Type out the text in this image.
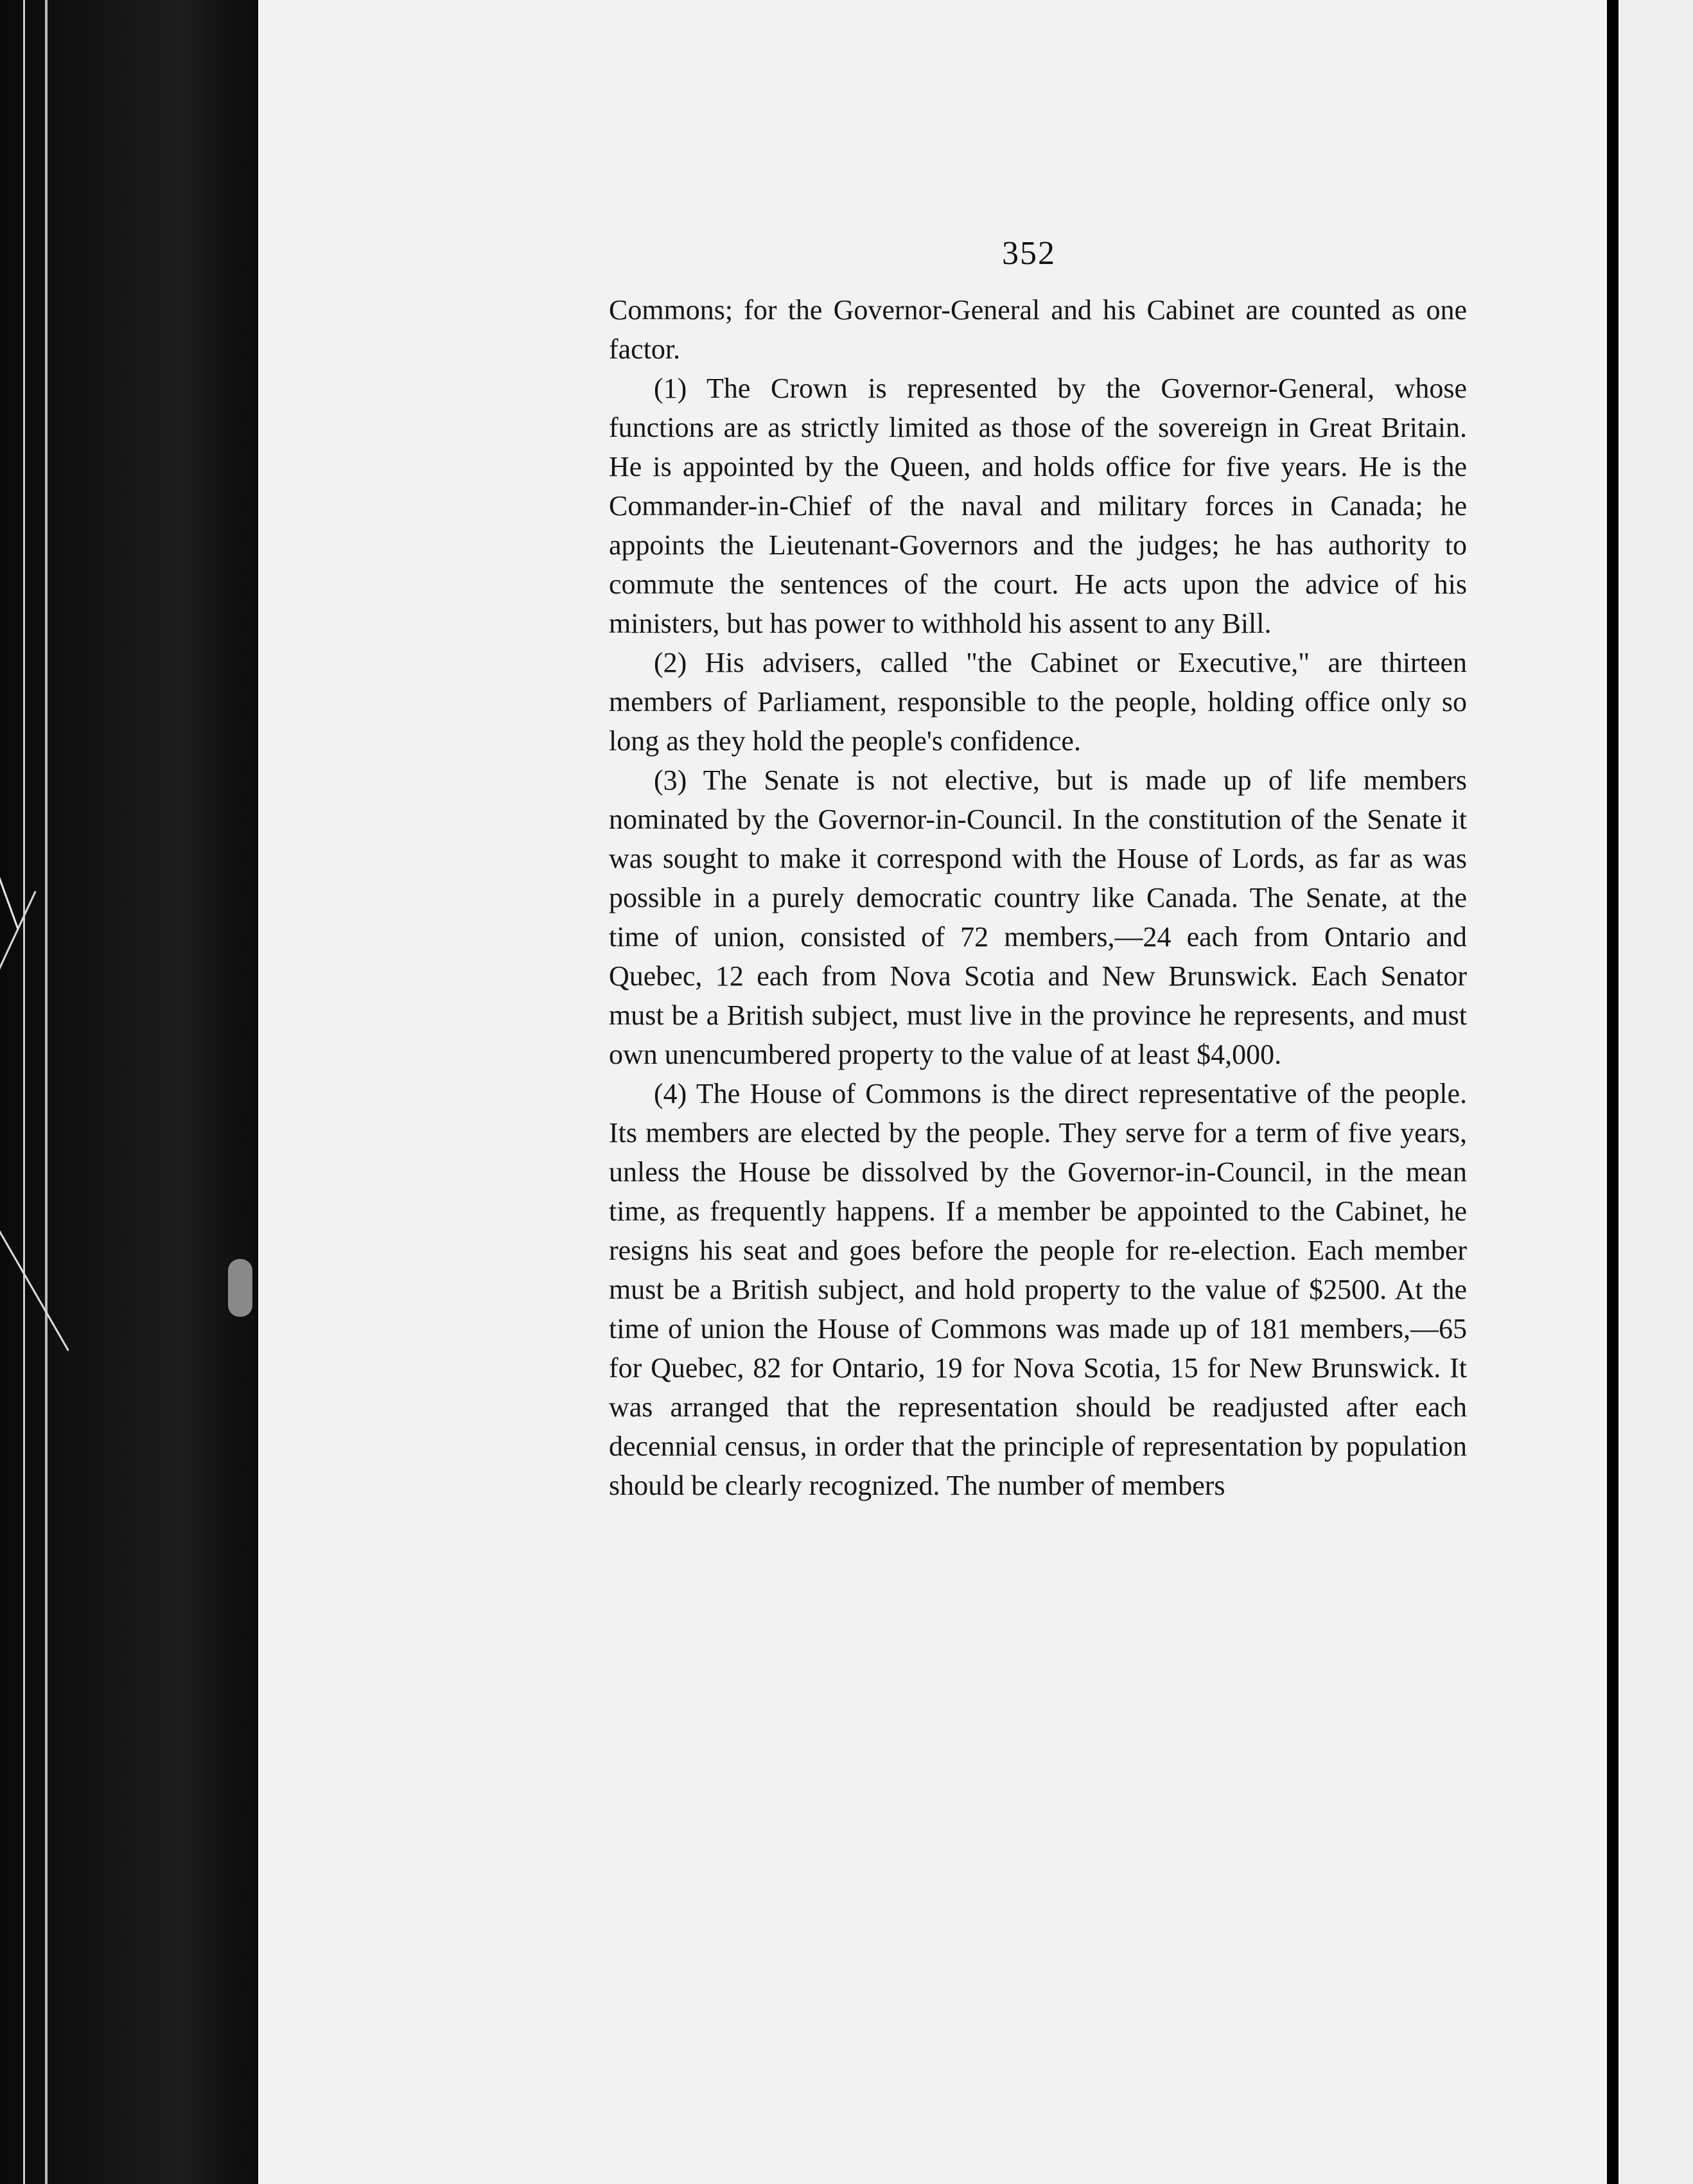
352

Commons; for the Governor-General and his Cabinet are counted as one factor.

(1) The Crown is represented by the Governor-General, whose functions are as strictly limited as those of the sovereign in Great Britain. He is appointed by the Queen, and holds office for five years. He is the Commander-in-Chief of the naval and military forces in Canada; he appoints the Lieutenant-Governors and the judges; he has authority to commute the sentences of the court. He acts upon the advice of his ministers, but has power to withhold his assent to any Bill.

(2) His advisers, called "the Cabinet or Executive," are thirteen members of Parliament, responsible to the people, holding office only so long as they hold the people's confidence.

(3) The Senate is not elective, but is made up of life members nominated by the Governor-in-Council. In the constitution of the Senate it was sought to make it correspond with the House of Lords, as far as was possible in a purely democratic country like Canada. The Senate, at the time of union, consisted of 72 members,—24 each from Ontario and Quebec, 12 each from Nova Scotia and New Brunswick. Each Senator must be a British subject, must live in the province he represents, and must own unencumbered property to the value of at least $4,000.

(4) The House of Commons is the direct representative of the people. Its members are elected by the people. They serve for a term of five years, unless the House be dissolved by the Governor-in-Council, in the mean time, as frequently happens. If a member be appointed to the Cabinet, he resigns his seat and goes before the people for re-election. Each member must be a British subject, and hold property to the value of $2500. At the time of union the House of Commons was made up of 181 members,—65 for Quebec, 82 for Ontario, 19 for Nova Scotia, 15 for New Brunswick. It was arranged that the representation should be readjusted after each decennial census, in order that the principle of representation by population should be clearly recognized. The number of members
